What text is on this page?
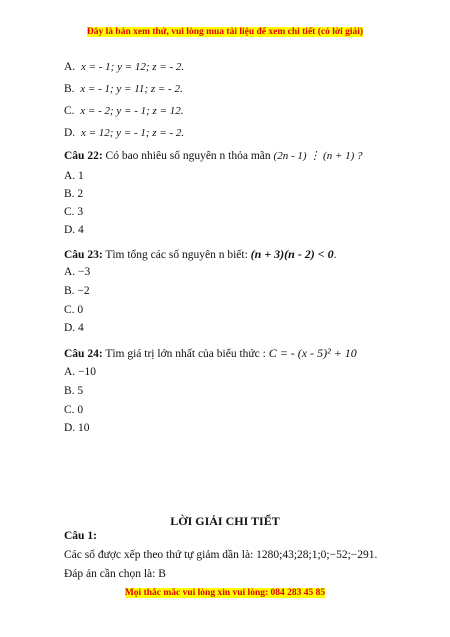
Đây là bản xem thử, vui lòng mua tài liệu để xem chi tiết (có lời giải)
A. x = - 1; y = 12; z = - 2.
B. x = - 1; y = 11; z = - 2.
C. x = - 2; y = - 1; z = 12.
D. x = 12; y = - 1; z = - 2.
Câu 22: Có bao nhiêu số nguyên n thỏa mãn (2n - 1) ⋮ (n + 1) ?
A. 1
B. 2
C. 3
D. 4
Câu 23: Tìm tổng các số nguyên n biết: (n + 3)(n - 2) < 0.
A. −3
B. −2
C. 0
D. 4
Câu 24: Tìm giá trị lớn nhất của biểu thức : C = - (x - 5)² + 10
A. −10
B. 5
C. 0
D. 10
LỜI GIẢI CHI TIẾT
Câu 1:
Các số được xếp theo thứ tự giảm dần là: 1280;43;28;1;0;−52;−291.
Đáp án cần chọn là: B
Mọi thắc mắc vui lòng xin vui lòng: 084 283 45 85
